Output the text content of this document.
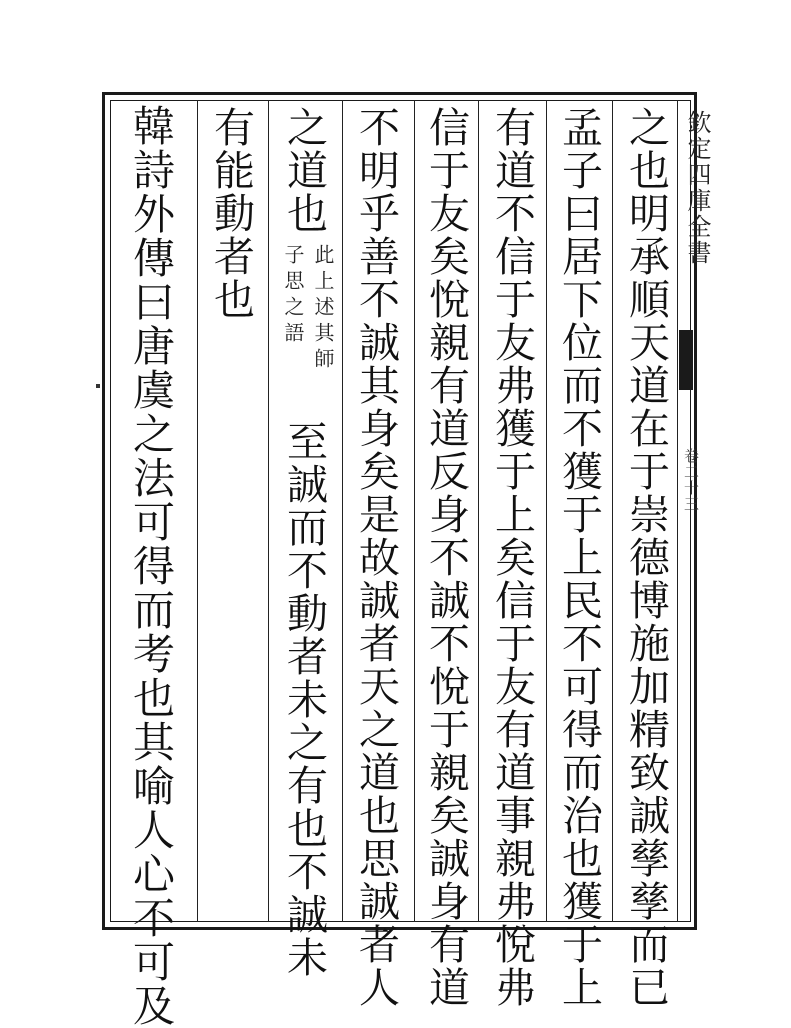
欽定四庫全書
卷二十三
之也明承順天道在于崇德博施加精致誠孳孳而已
孟子曰居下位而不獲于上民不可得而治也獲于上
有道不信于友弗獲于上矣信于友有道事親弗悅弗
信于友矣悅親有道反身不誠不悅于親矣誠身有道
不明乎善不誠其身矣是故誠者天之道也思誠者人
之道也
此上述其師
子思之語
至誠而不動者未之有也不誠未
有能動者也
韓詩外傳曰唐虞之法可得而考也其喻人心不可及
